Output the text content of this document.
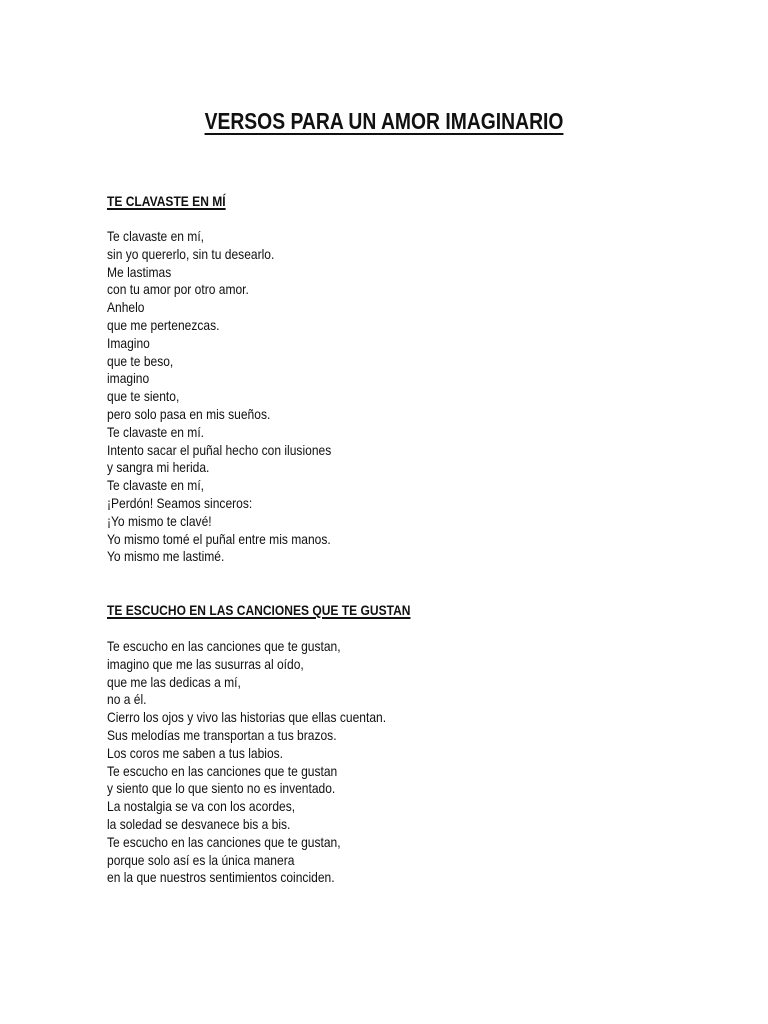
VERSOS PARA UN AMOR IMAGINARIO
TE CLAVASTE EN MÍ
Te clavaste en mí,
sin yo quererlo, sin tu desearlo.
Me lastimas
con tu amor por otro amor.
Anhelo
que me pertenezcas.
Imagino
que te beso,
imagino
que te siento,
pero solo pasa en mis sueños.
Te clavaste en mí.
Intento sacar el puñal hecho con ilusiones
y sangra mi herida.
Te clavaste en mí,
¡Perdón! Seamos sinceros:
¡Yo mismo te clavé!
Yo mismo tomé el puñal entre mis manos.
Yo mismo me lastimé.
TE ESCUCHO EN LAS CANCIONES QUE TE GUSTAN
Te escucho en las canciones que te gustan,
imagino que me las susurras al oído,
que me las dedicas a mí,
no a él.
Cierro los ojos y vivo las historias que ellas cuentan.
Sus melodías me transportan a tus brazos.
Los coros me saben a tus labios.
Te escucho en las canciones que te gustan
y siento que lo que siento no es inventado.
La nostalgia se va con los acordes,
la soledad se desvanece bis a bis.
Te escucho en las canciones que te gustan,
porque solo así es la única manera
en la que nuestros sentimientos coinciden.
